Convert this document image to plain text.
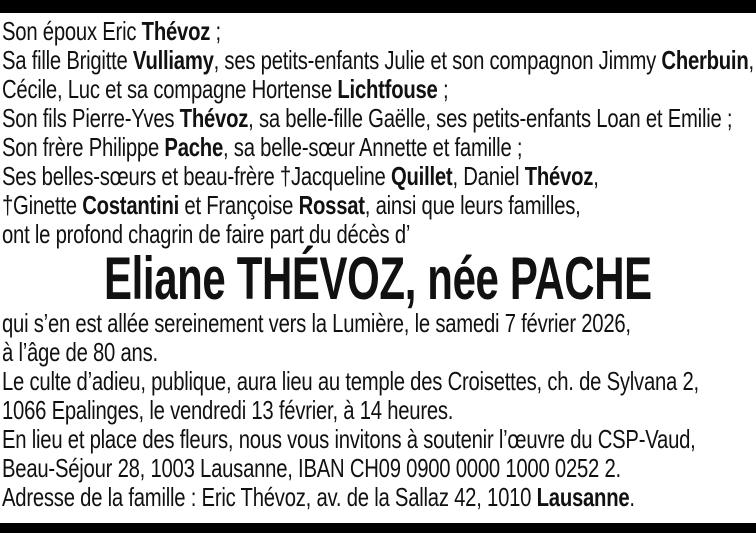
Son époux Eric Thévoz ;
Sa fille Brigitte Vulliamy, ses petits-enfants Julie et son compagnon Jimmy Cherbuin,
Cécile, Luc et sa compagne Hortense Lichtfouse ;
Son fils Pierre-Yves Thévoz, sa belle-fille Gaëlle, ses petits-enfants Loan et Emilie ;
Son frère Philippe Pache, sa belle-sœur Annette et famille ;
Ses belles-sœurs et beau-frère †Jacqueline Quillet, Daniel Thévoz,
†Ginette Costantini et Françoise Rossat, ainsi que leurs familles,
ont le profond chagrin de faire part du décès d’
Eliane THÉVOZ, née PACHE
qui s’en est allée sereinement vers la Lumière, le samedi 7 février 2026,
à l’âge de 80 ans.
Le culte d’adieu, publique, aura lieu au temple des Croisettes, ch. de Sylvana 2,
1066 Epalinges, le vendredi 13 février, à 14 heures.
En lieu et place des fleurs, nous vous invitons à soutenir l’œuvre du CSP-Vaud,
Beau-Séjour 28, 1003 Lausanne, IBAN CH09 0900 0000 1000 0252 2.
Adresse de la famille : Eric Thévoz, av. de la Sallaz 42, 1010 Lausanne.
